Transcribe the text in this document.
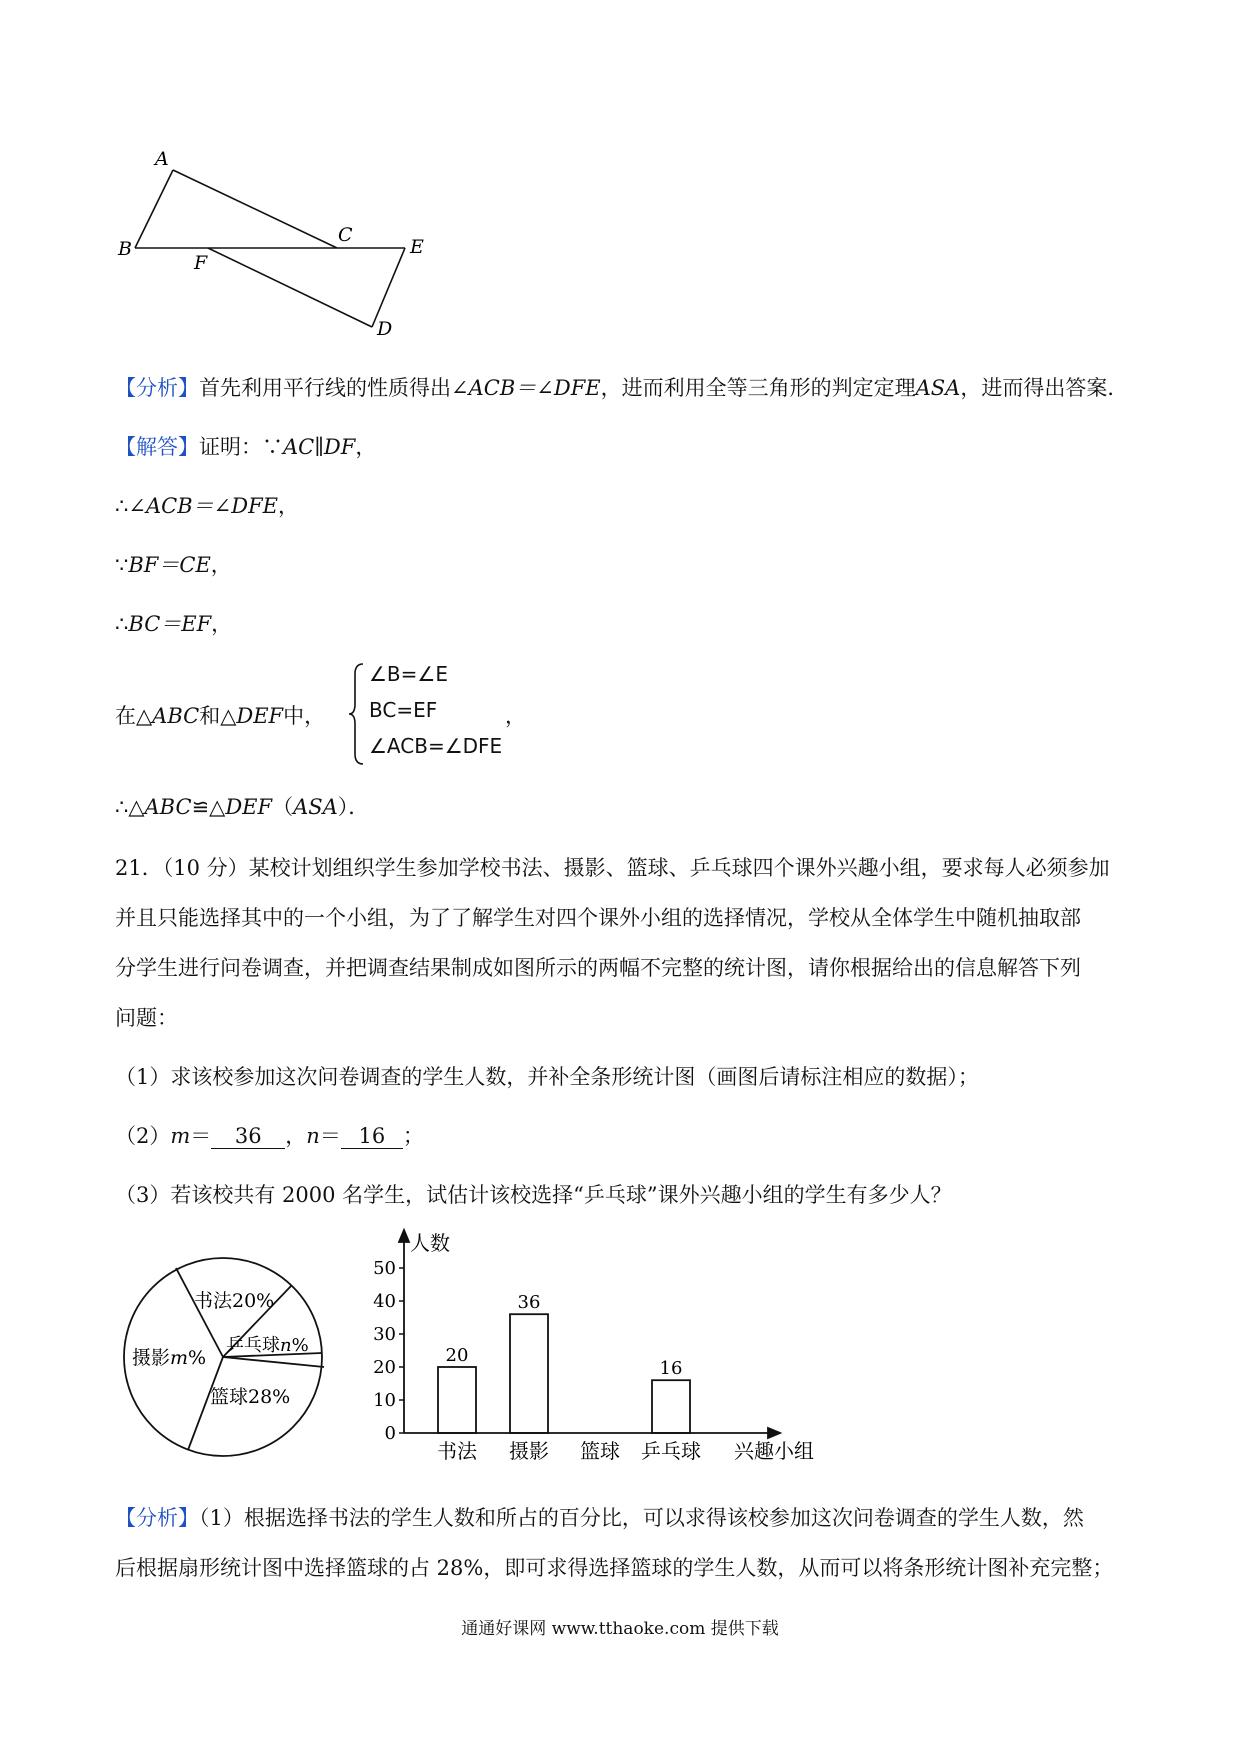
A
B
C
E
F
D
【分析】首先利用平行线的性质得出∠ACB＝∠DFE，进而利用全等三角形的判定定理ASA，进而得出答案．
【解答】证明：∵AC∥DF，
∴∠ACB＝∠DFE，
∵BF＝CE，
∴BC＝EF，
在△ABC和△DEF中，
∠B=∠E
BC=EF
∠ACB=∠DFE
，
∴△ABC≌△DEF（ASA）．
21．（10 分）某校计划组织学生参加学校书法、摄影、篮球、乒乓球四个课外兴趣小组，要求每人必须参加
并且只能选择其中的一个小组，为了了解学生对四个课外小组的选择情况，学校从全体学生中随机抽取部
分学生进行问卷调查，并把调查结果制成如图所示的两幅不完整的统计图，请你根据给出的信息解答下列
问题：
（1）求该校参加这次问卷调查的学生人数，并补全条形统计图（画图后请标注相应的数据）；
（2）m＝ 36 ，n＝ 16 ；
（3）若该校共有 2000 名学生，试估计该校选择“乒乓球”课外兴趣小组的学生有多少人？
书法20%
摄影m%
乒乓球n%
篮球28%
人数
兴趣小组
0
10
20
30
40
50
书法
20
摄影
36
篮球 乒乓球
16
【分析】（1）根据选择书法的学生人数和所占的百分比，可以求得该校参加这次问卷调查的学生人数，然
后根据扇形统计图中选择篮球的占 28%，即可求得选择篮球的学生人数，从而可以将条形统计图补充完整；
通通好课网 www.tthaoke.com 提供下载
